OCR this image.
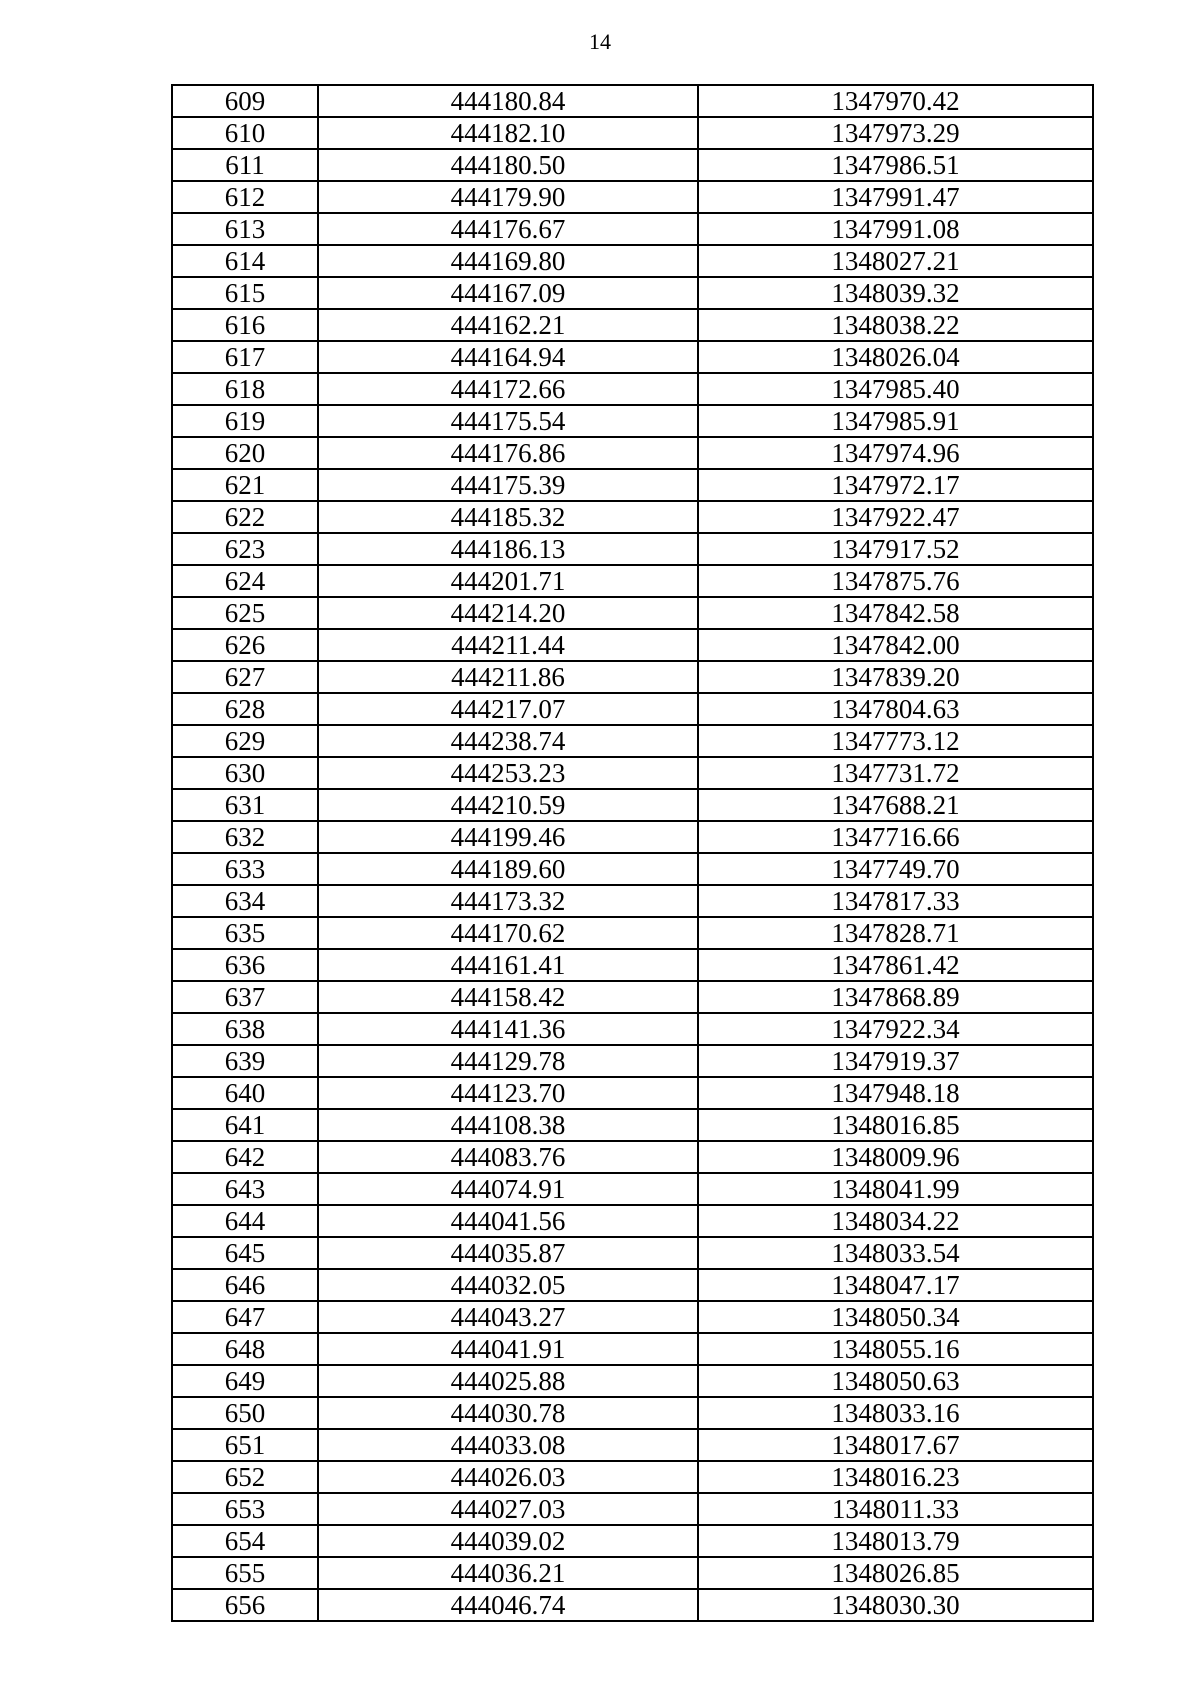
14
609	444180.84	1347970.42
610	444182.10	1347973.29
611	444180.50	1347986.51
612	444179.90	1347991.47
613	444176.67	1347991.08
614	444169.80	1348027.21
615	444167.09	1348039.32
616	444162.21	1348038.22
617	444164.94	1348026.04
618	444172.66	1347985.40
619	444175.54	1347985.91
620	444176.86	1347974.96
621	444175.39	1347972.17
622	444185.32	1347922.47
623	444186.13	1347917.52
624	444201.71	1347875.76
625	444214.20	1347842.58
626	444211.44	1347842.00
627	444211.86	1347839.20
628	444217.07	1347804.63
629	444238.74	1347773.12
630	444253.23	1347731.72
631	444210.59	1347688.21
632	444199.46	1347716.66
633	444189.60	1347749.70
634	444173.32	1347817.33
635	444170.62	1347828.71
636	444161.41	1347861.42
637	444158.42	1347868.89
638	444141.36	1347922.34
639	444129.78	1347919.37
640	444123.70	1347948.18
641	444108.38	1348016.85
642	444083.76	1348009.96
643	444074.91	1348041.99
644	444041.56	1348034.22
645	444035.87	1348033.54
646	444032.05	1348047.17
647	444043.27	1348050.34
648	444041.91	1348055.16
649	444025.88	1348050.63
650	444030.78	1348033.16
651	444033.08	1348017.67
652	444026.03	1348016.23
653	444027.03	1348011.33
654	444039.02	1348013.79
655	444036.21	1348026.85
656	444046.74	1348030.30
